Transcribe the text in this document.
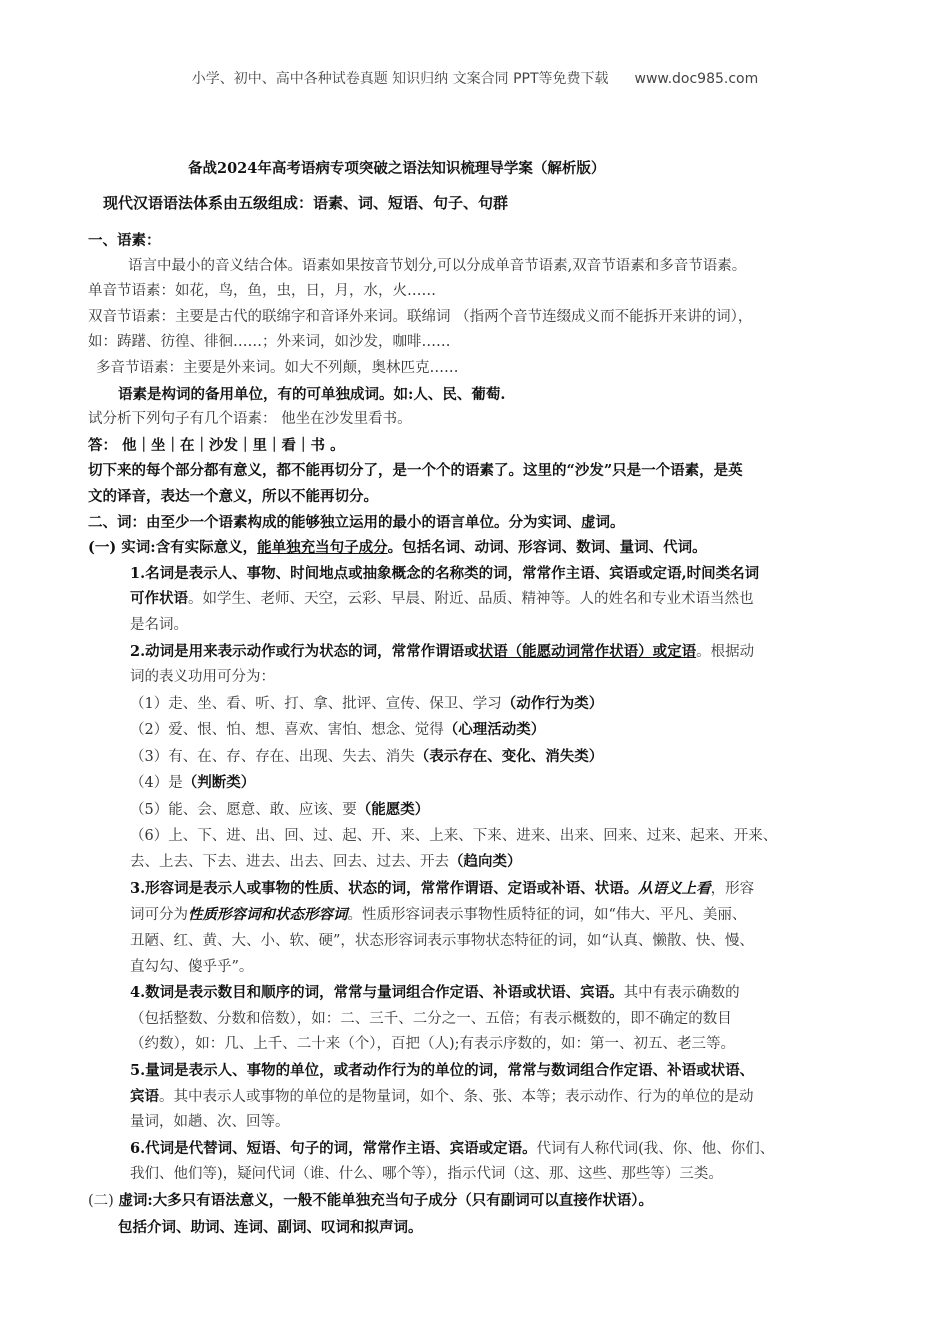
小学、初中、高中各种试卷真题 知识归纳 文案合同 PPT等免费下载 www.doc985.com
备战2024年高考语病专项突破之语法知识梳理导学案（解析版）
现代汉语语法体系由五级组成：语素、词、短语、句子、句群

一、语素：

语言中最小的音义结合体。语素如果按音节划分,可以分成单音节语素,双音节语素和多音节语素。

单音节语素：如花，鸟，鱼，虫，日，月，水，火……

双音节语素：主要是古代的联绵字和音译外来词。联绵词 （指两个音节连缀成义而不能拆开来讲的词），

如：踌躇、彷徨、徘徊……；外来词，如沙发，咖啡……

多音节语素：主要是外来词。如大不列颠，奥林匹克……

语素是构词的备用单位，有的可单独成词。如:人、民、葡萄.

试分析下列句子有几个语素： 他坐在沙发里看书。

答： 他｜坐｜在｜沙发｜里｜看｜书 。

切下来的每个部分都有意义，都不能再切分了，是一个个的语素了。这里的“沙发”只是一个语素，是英

文的译音，表达一个意义，所以不能再切分。

二、词：由至少一个语素构成的能够独立运用的最小的语言单位。分为实词、虚词。

(一) 实词:含有实际意义，能单独充当句子成分。包括名词、动词、形容词、数词、量词、代词。

1.名词是表示人、事物、时间地点或抽象概念的名称类的词，常常作主语、宾语或定语,时间类名词

可作状语。如学生、老师、天空，云彩、早晨、附近、品质、精神等。人的姓名和专业术语当然也

是名词。

2.动词是用来表示动作或行为状态的词，常常作谓语或状语（能愿动词常作状语）或定语。根据动

词的表义功用可分为：

（1）走、坐、看、听、打、拿、批评、宣传、保卫、学习（动作行为类）

（2）爱、恨、怕、想、喜欢、害怕、想念、觉得（心理活动类）

（3）有、在、存、存在、出现、失去、消失（表示存在、变化、消失类）

（4）是（判断类）

（5）能、会、愿意、敢、应该、要（能愿类）

（6）上、下、进、出、回、过、起、开、来、上来、下来、进来、出来、回来、过来、起来、开来、

去、上去、下去、进去、出去、回去、过去、开去（趋向类）

3.形容词是表示人或事物的性质、状态的词，常常作谓语、定语或补语、状语。从语义上看，形容

词可分为性质形容词和状态形容词。性质形容词表示事物性质特征的词，如“伟大、平凡、美丽、

丑陋、红、黄、大、小、软、硬”，状态形容词表示事物状态特征的词，如“认真、懒散、快、慢、

直勾勾、傻乎乎”。

4.数词是表示数目和顺序的词，常常与量词组合作定语、补语或状语、宾语。其中有表示确数的

（包括整数、分数和倍数），如：二、三千、二分之一、五倍；有表示概数的，即不确定的数目

（约数），如：几、上千、二十来（个），百把（人);有表示序数的，如：第一、初五、老三等。

5.量词是表示人、事物的单位，或者动作行为的单位的词，常常与数词组合作定语、补语或状语、

宾语。其中表示人或事物的单位的是物量词，如个、条、张、本等；表示动作、行为的单位的是动

量词，如趟、次、回等。

6.代词是代替词、短语、句子的词，常常作主语、宾语或定语。代词有人称代词(我、你、他、你们、

我们、他们等)，疑问代词（谁、什么、哪个等），指示代词（这、那、这些、那些等）三类。

(二) 虚词:大多只有语法意义，一般不能单独充当句子成分（只有副词可以直接作状语）。

包括介词、助词、连词、副词、叹词和拟声词。
